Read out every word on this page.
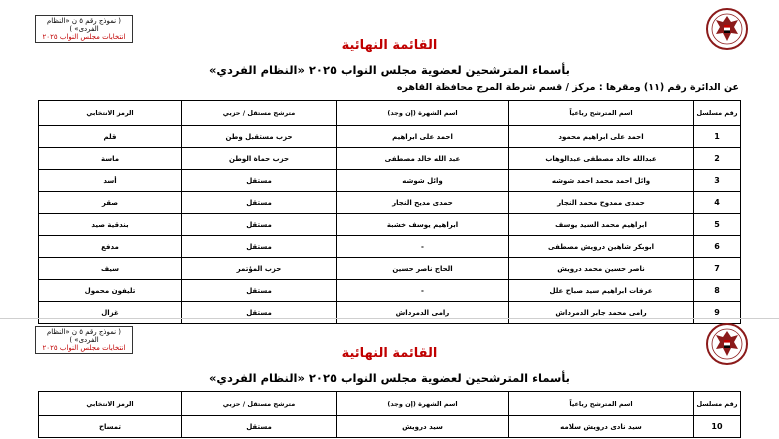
( نموذج رقم ٥ ن «النظام الفردى» )
انتخابات مجلس النواب ٢٠٢٥
القائمة النهائية
بأسماء المترشحين لعضوية مجلس النواب ٢٠٢٥ «النظام الفردي»
عن الدائرة رقم (١١) ومقرها : مركز / قسم شرطة المرج محافظة القاهره
رقم مسلسل	اسم المترشح رباعياً	اسم الشهرة (إن وجد)	مترشح مستقل / حزبي	الرمز الانتخابي
1	احمد على ابراهيم محمود	احمد على ابراهيم	حزب مستقبل وطن	قلم
2	عبدالله خالد مصطفى عبدالوهاب	عبد الله خالد مصطفى	حزب حماة الوطن	ماسة
3	وائل احمد محمد احمد شوشه	وائل شوشه	مستقل	أسد
4	حمدى ممدوح محمد النجار	حمدى مديح النجار	مستقل	صقر
5	ابراهيم محمد السيد يوسف	ابراهيم يوسف خشبة	مستقل	بندقية صيد
6	ابوبكر شاهين درويش مصطفى	-	مستقل	مدفع
7	ناصر حسين محمد درويش	الحاج ناصر حسين	حزب المؤتمر	سيف
8	عرفات ابراهيم سيد صباح علل	-	مستقل	تليفون محمول
9	رامى محمد جابر الدمرداش	رامى الدمرداش	مستقل	غزال
( نموذج رقم ٥ ن «النظام الفردى» )
انتخابات مجلس النواب ٢٠٢٥	القائمة النهائية
بأسماء المترشحين لعضوية مجلس النواب ٢٠٢٥ «النظام الفردي»
رقم مسلسل	اسم المترشح رباعياً	اسم الشهرة (إن وجد)	مترشح مستقل / حزبي	الرمز الانتخابي
10	سيد نادى درويش سلامه	سيد درويش	مستقل	تمساح
